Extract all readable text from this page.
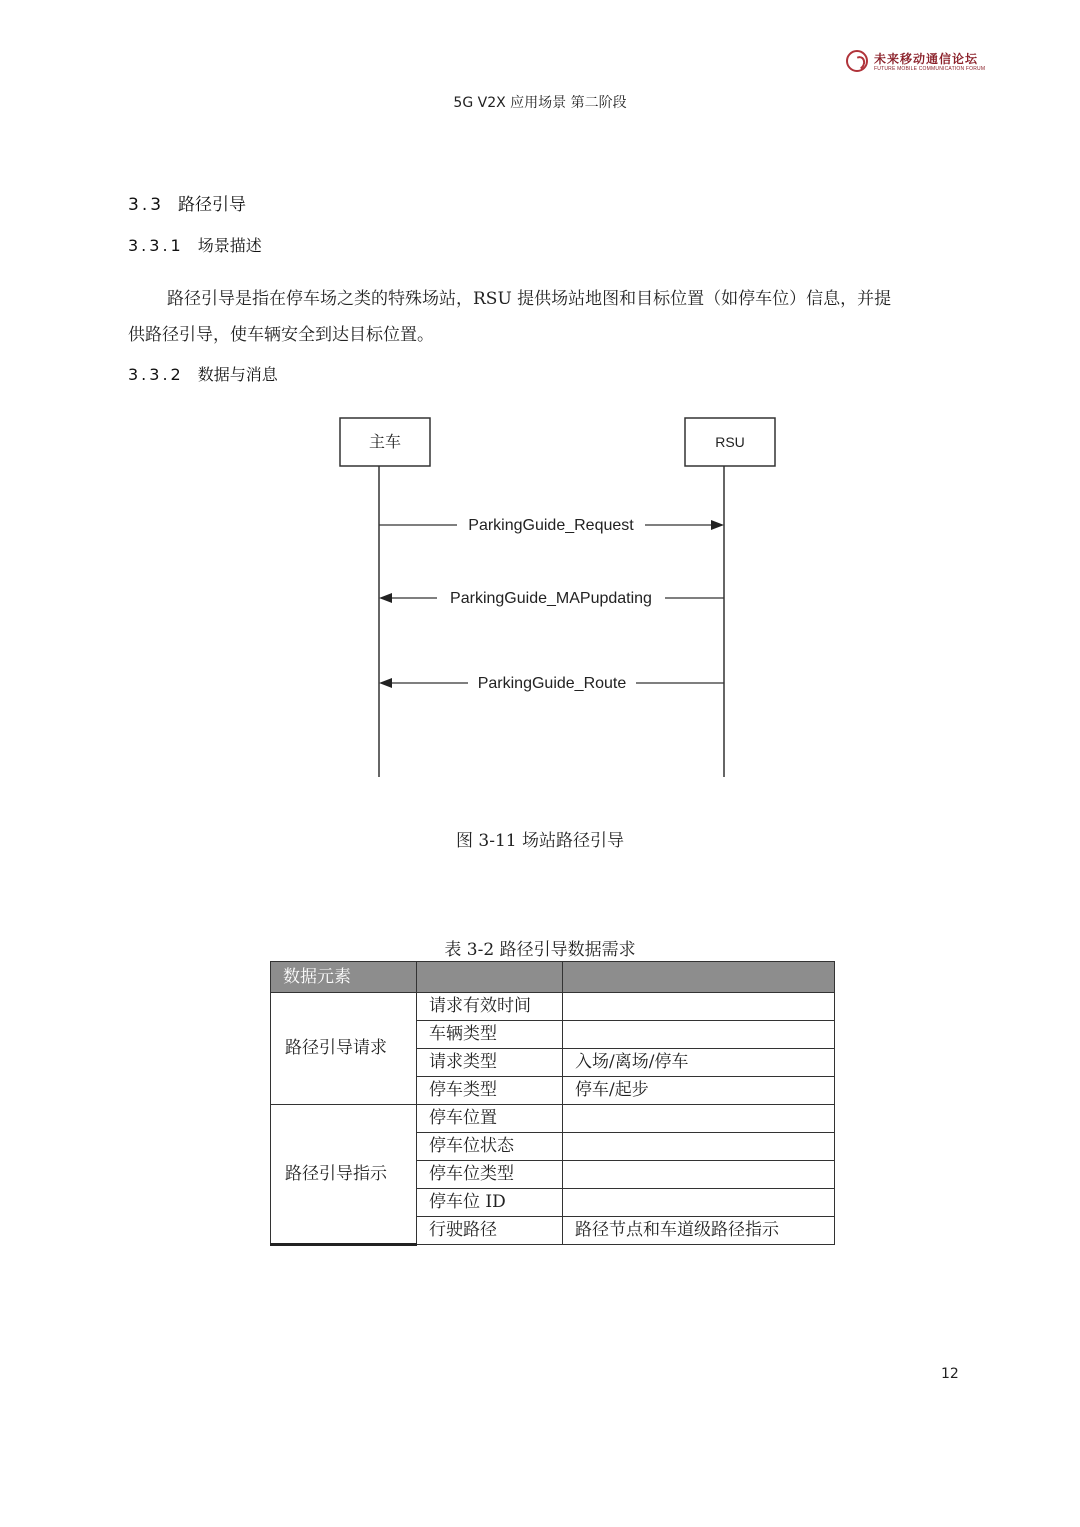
未来移动通信论坛
FUTURE MOBILE COMMUNICATION FORUM
5G V2X 应用场景 第二阶段
3.3 路径引导
3.3.1 场景描述

路径引导是指在停车场之类的特殊场站，RSU 提供场站地图和目标位置（如停车位）信息，并提

供路径引导，使车辆安全到达目标位置。
3.3.2 数据与消息
主车	RSU
ParkingGuide_Request
ParkingGuide_MAPupdating
ParkingGuide_Route
图 3-11 场站路径引导
表 3-2 路径引导数据需求
数据元素		
路径引导请求	请求有效时间	
	车辆类型	
	请求类型	入场/离场/停车
	停车类型	停车/起步
路径引导指示	停车位置	
	停车位状态	
	停车位类型	
	停车位 ID	
	行驶路径	路径节点和车道级路径指示
12
